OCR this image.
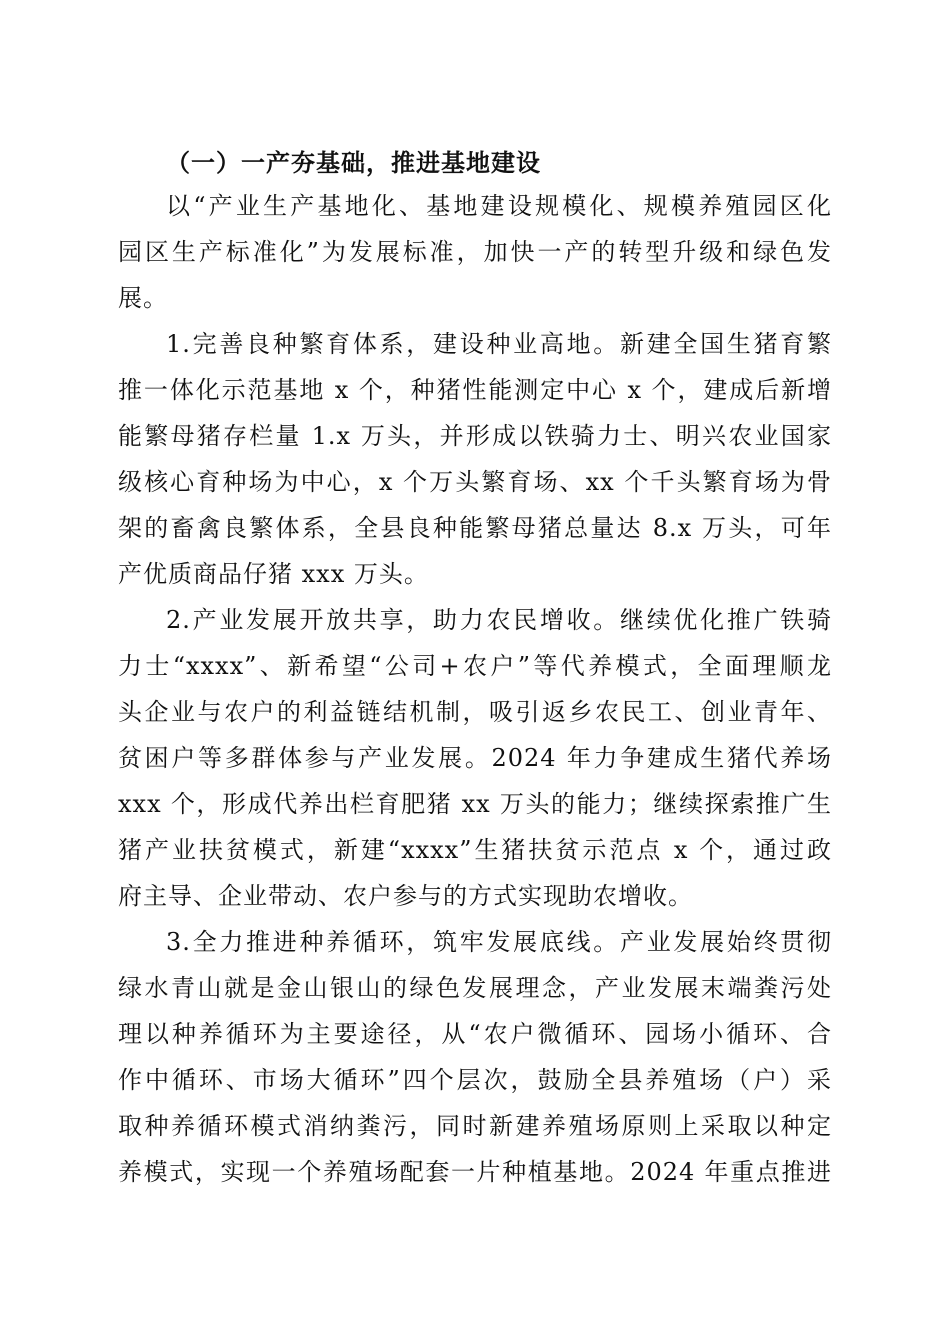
（一）一产夯基础，推进基地建设

以“产业生产基地化、基地建设规模化、规模养殖园区化
园区生产标准化”为发展标准，加快一产的转型升级和绿色发
展。

1.完善良种繁育体系，建设种业高地。新建全国生猪育繁
推一体化示范基地 x 个，种猪性能测定中心 x 个，建成后新增
能繁母猪存栏量 1.x 万头，并形成以铁骑力士、明兴农业国家
级核心育种场为中心，x 个万头繁育场、xx 个千头繁育场为骨
架的畜禽良繁体系，全县良种能繁母猪总量达 8.x 万头，可年
产优质商品仔猪 xxx 万头。

2.产业发展开放共享，助力农民增收。继续优化推广铁骑
力士“xxxx”、新希望“公司+农户”等代养模式，全面理顺龙
头企业与农户的利益链结机制，吸引返乡农民工、创业青年、
贫困户等多群体参与产业发展。2024 年力争建成生猪代养场
xxx 个，形成代养出栏育肥猪 xx 万头的能力；继续探索推广生
猪产业扶贫模式，新建“xxxx”生猪扶贫示范点 x 个，通过政
府主导、企业带动、农户参与的方式实现助农增收。

3.全力推进种养循环，筑牢发展底线。产业发展始终贯彻
绿水青山就是金山银山的绿色发展理念，产业发展末端粪污处
理以种养循环为主要途径，从“农户微循环、园场小循环、合
作中循环、市场大循环”四个层次，鼓励全县养殖场（户）采
取种养循环模式消纳粪污，同时新建养殖场原则上采取以种定
养模式，实现一个养殖场配套一片种植基地。2024 年重点推进
